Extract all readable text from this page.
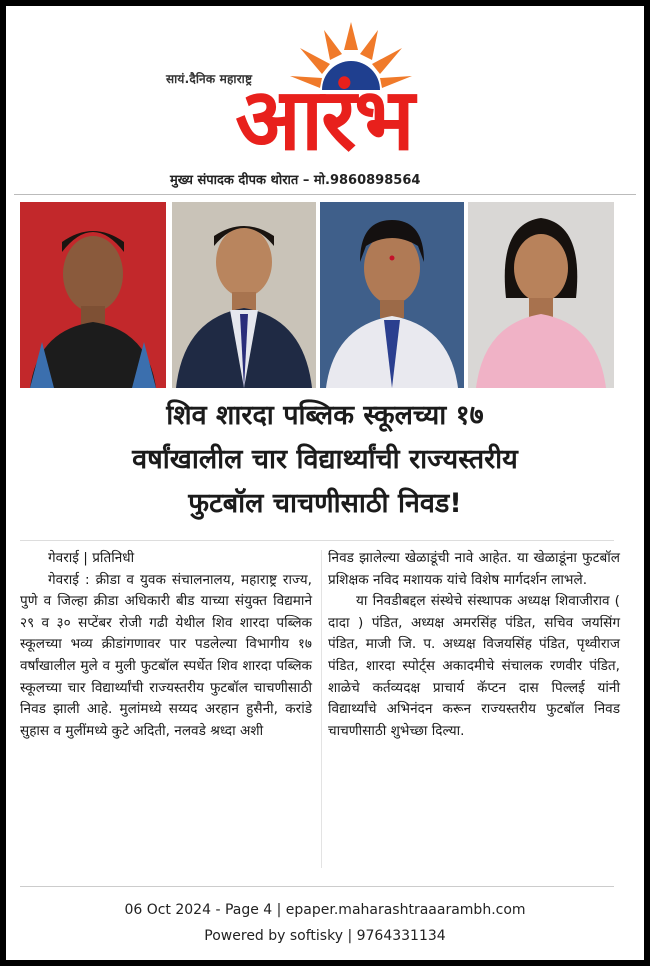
सायं.दैनिक महाराष्ट्र
आरंभ
मुख्य संपादक दीपक थोरात – मो.9860898564
शिव शारदा पब्लिक स्कूलच्या १७
वर्षांखालील चार विद्यार्थ्यांची राज्यस्तरीय
फुटबॉल चाचणीसाठी निवड!

गेवराई | प्रतिनिधी

गेवराई : क्रीडा व युवक संचालनालय, महाराष्ट्र राज्य, पुणे व जिल्हा क्रीडा अधिकारी बीड याच्या संयुक्त विद्यमाने २९ व ३० सप्टेंबर रोजी गढी येथील शिव शारदा पब्लिक स्कूलच्या भव्य क्रीडांगणावर पार पडलेल्या विभागीय १७ वर्षांखालील मुले व मुली फुटबॉल स्पर्धेत शिव शारदा पब्लिक स्कूलच्या चार विद्यार्थ्यांची राज्यस्तरीय फुटबॉल चाचणीसाठी निवड झाली आहे. मुलांमध्ये सय्यद अरहान हुसैनी, करांडे सुहास व मुलींमध्ये कुटे अदिती, नलवडे श्रध्दा अशी

निवड झालेल्या खेळाडूंची नावे आहेत. या खेळाडूंना फुटबॉल प्रशिक्षक नविद मशायक यांचे विशेष मार्गदर्शन लाभले.

या निवडीबद्दल संस्थेचे संस्थापक अध्यक्ष शिवाजीराव ( दादा ) पंडित, अध्यक्ष अमरसिंह पंडित, सचिव जयसिंग पंडित, माजी जि. प. अध्यक्ष विजयसिंह पंडित, पृथ्वीराज पंडित, शारदा स्पोर्ट्स अकादमीचे संचालक रणवीर पंडित, शाळेचे कर्तव्यदक्ष प्राचार्य कॅप्टन दास पिल्लई यांनी विद्यार्थ्यांचे अभिनंदन करून राज्यस्तरीय फुटबॉल निवड चाचणीसाठी शुभेच्छा दिल्या.

06 Oct 2024 - Page 4 | epaper.maharashtraaarambh.com
Powered by softisky | 9764331134
